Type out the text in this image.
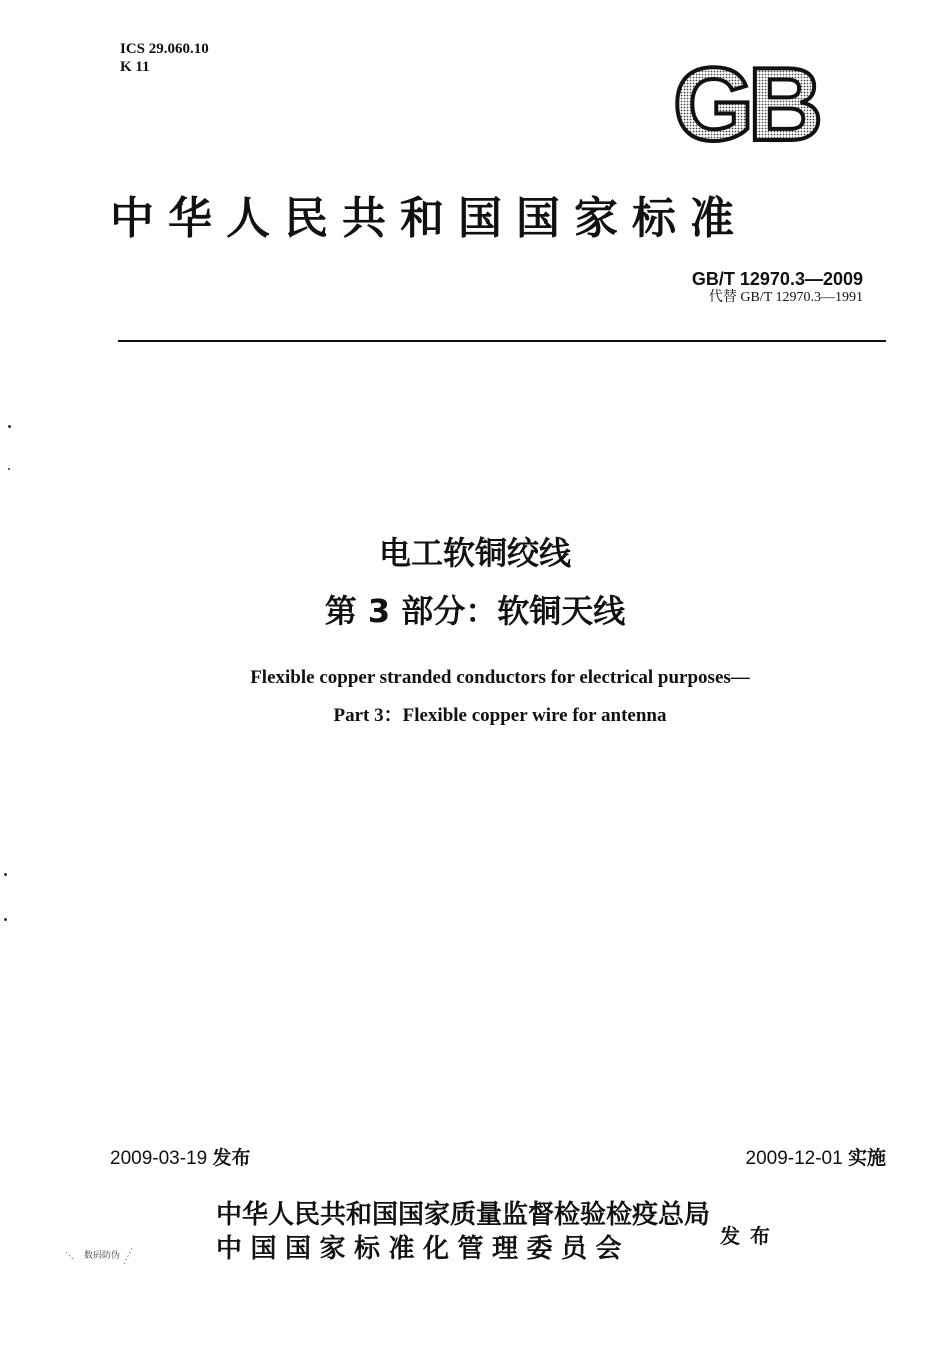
ICS 29.060.10
K 11	GB
中华人民共和国国家标准
GB/T 12970.3—2009
代替 GB/T 12970.3—1991
电工软铜绞线
第 3 部分：软铜天线
Flexible copper stranded conductors for electrical purposes—
Part 3：Flexible copper wire for antenna
2009-03-19 发布	2009-12-01 实施
中华人民共和国国家质量监督检验检疫总局
中国国家标准化管理委员会	发布
数码防伪
